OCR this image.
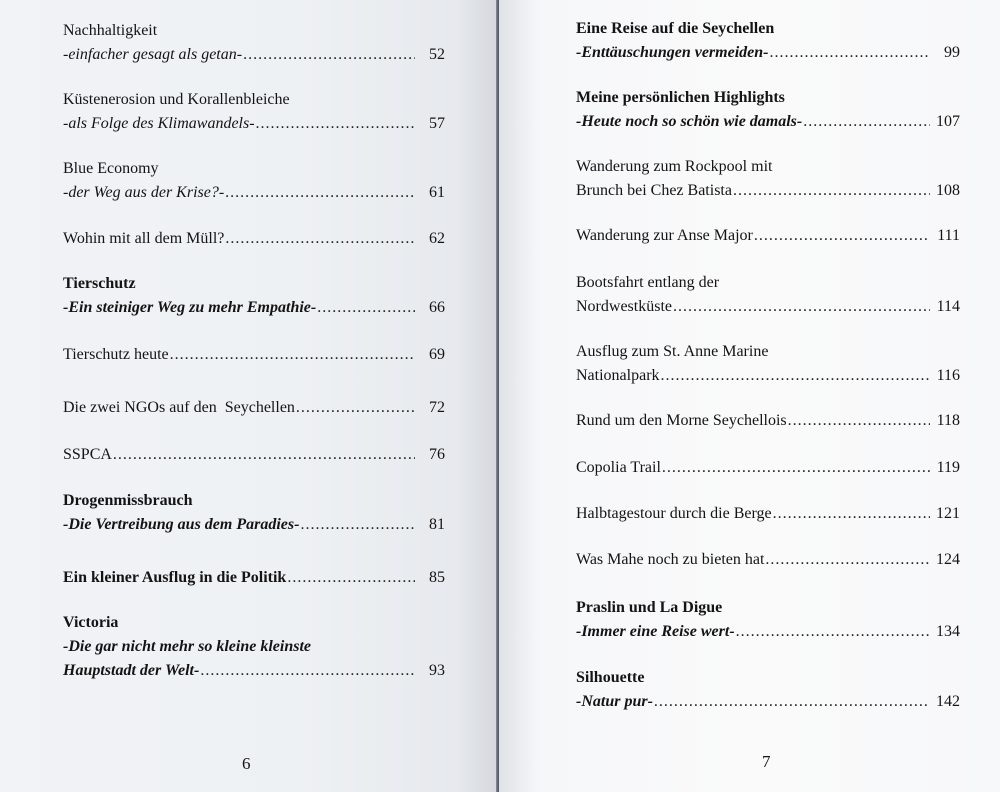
Nachhaltigkeit
-einfacher gesagt als getan- .....	52
Küstenerosion und Korallenbleiche
-als Folge des Klimawandels- .....	57
Blue Economy
-der Weg aus der Krise?- .....	61
Wohin mit all dem Müll? .....	62
Tierschutz
-Ein steiniger Weg zu mehr Empathie- .....	66
Tierschutz heute .....	69
Die zwei NGOs auf den  Seychellen .....	72
SSPCA .....	76
Drogenmissbrauch
-Die Vertreibung aus dem Paradies- .....	81
Ein kleiner Ausflug in die Politik .....	85
Victoria
-Die gar nicht mehr so kleine kleinste
Hauptstadt der Welt- .....	93
6
Eine Reise auf die Seychellen
-Enttäuschungen vermeiden- .....	99
Meine persönlichen Highlights
-Heute noch so schön wie damals- .....	107
Wanderung zum Rockpool mit
Brunch bei Chez Batista .....	108
Wanderung zur Anse Major .....	111
Bootsfahrt entlang der
Nordwestküste .....	114
Ausflug zum St. Anne Marine
Nationalpark .....	116
Rund um den Morne Seychellois .....	118
Copolia Trail .....	119
Halbtagestour durch die Berge .....	121
Was Mahe noch zu bieten hat .....	124
Praslin und La Digue
-Immer eine Reise wert- .....	134
Silhouette
-Natur pur- .....	142
7
